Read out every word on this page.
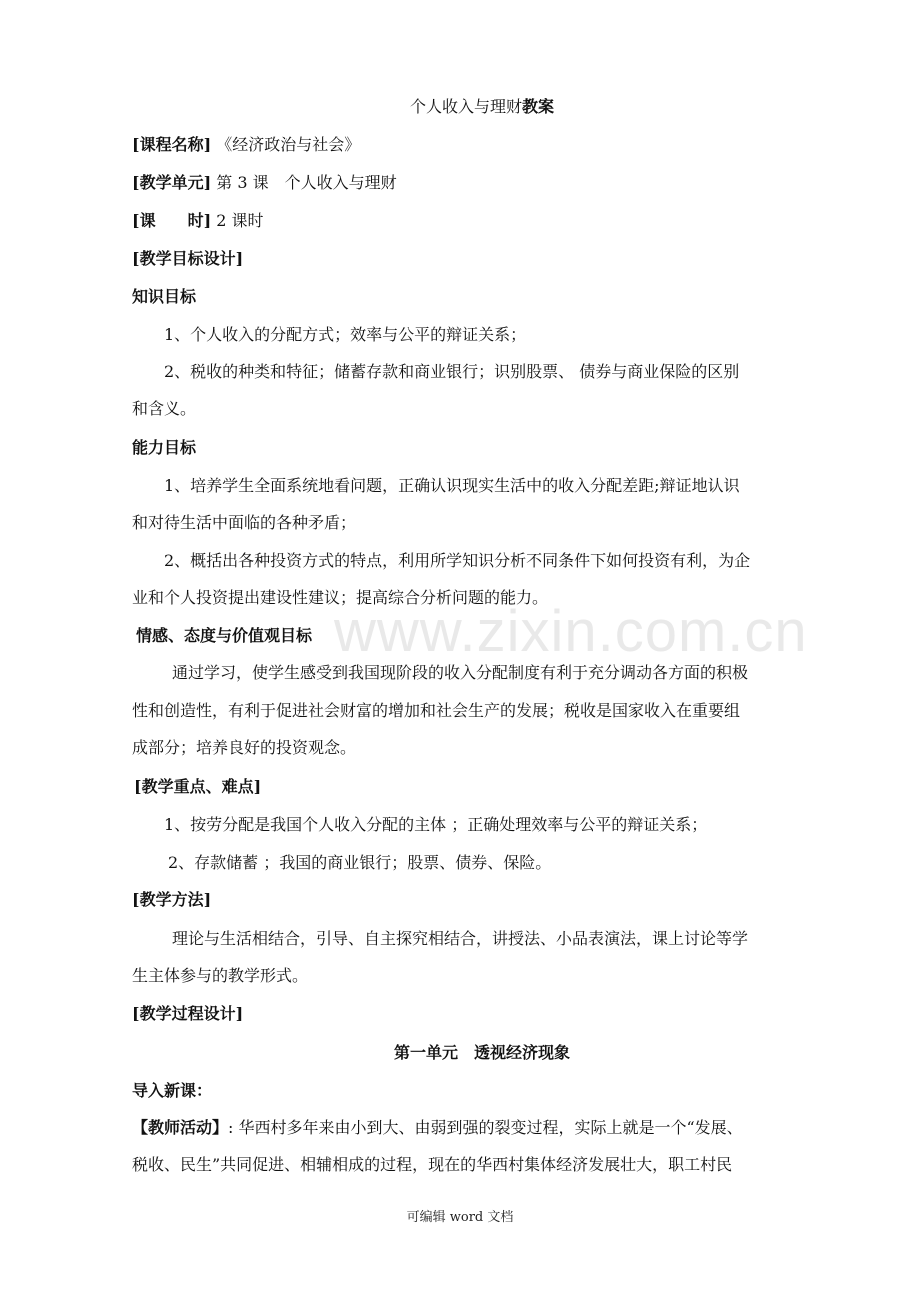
个人收入与理财教案
[课程名称] 《经济政治与社会》
[教学单元] 第 3 课　个人收入与理财
[课　　时] 2 课时
[教学目标设计]
知识目标
1、个人收入的分配方式；效率与公平的辩证关系；
2、税收的种类和特征；储蓄存款和商业银行；识别股票、 债券与商业保险的区别
和含义。
能力目标
1、培养学生全面系统地看问题，正确认识现实生活中的收入分配差距;辩证地认识
和对待生活中面临的各种矛盾；
2、概括出各种投资方式的特点，利用所学知识分析不同条件下如何投资有利，为企
业和个人投资提出建设性建议；提高综合分析问题的能力。
情感、态度与价值观目标
通过学习，使学生感受到我国现阶段的收入分配制度有利于充分调动各方面的积极
性和创造性，有利于促进社会财富的增加和社会生产的发展；税收是国家收入在重要组
成部分；培养良好的投资观念。
[教学重点、难点]
1、按劳分配是我国个人收入分配的主体 ；正确处理效率与公平的辩证关系；
2、存款储蓄 ；我国的商业银行；股票、债券、保险。
[教学方法]
理论与生活相结合，引导、自主探究相结合，讲授法、小品表演法，课上讨论等学
生主体参与的教学形式。
[教学过程设计]
第一单元　透视经济现象
导入新课：
【教师活动】: 华西村多年来由小到大、由弱到强的裂变过程，实际上就是一个“发展、
税收、民生”共同促进、相辅相成的过程，现在的华西村集体经济发展壮大，职工村民
www.zixin.com.cn
可编辑 word 文档
